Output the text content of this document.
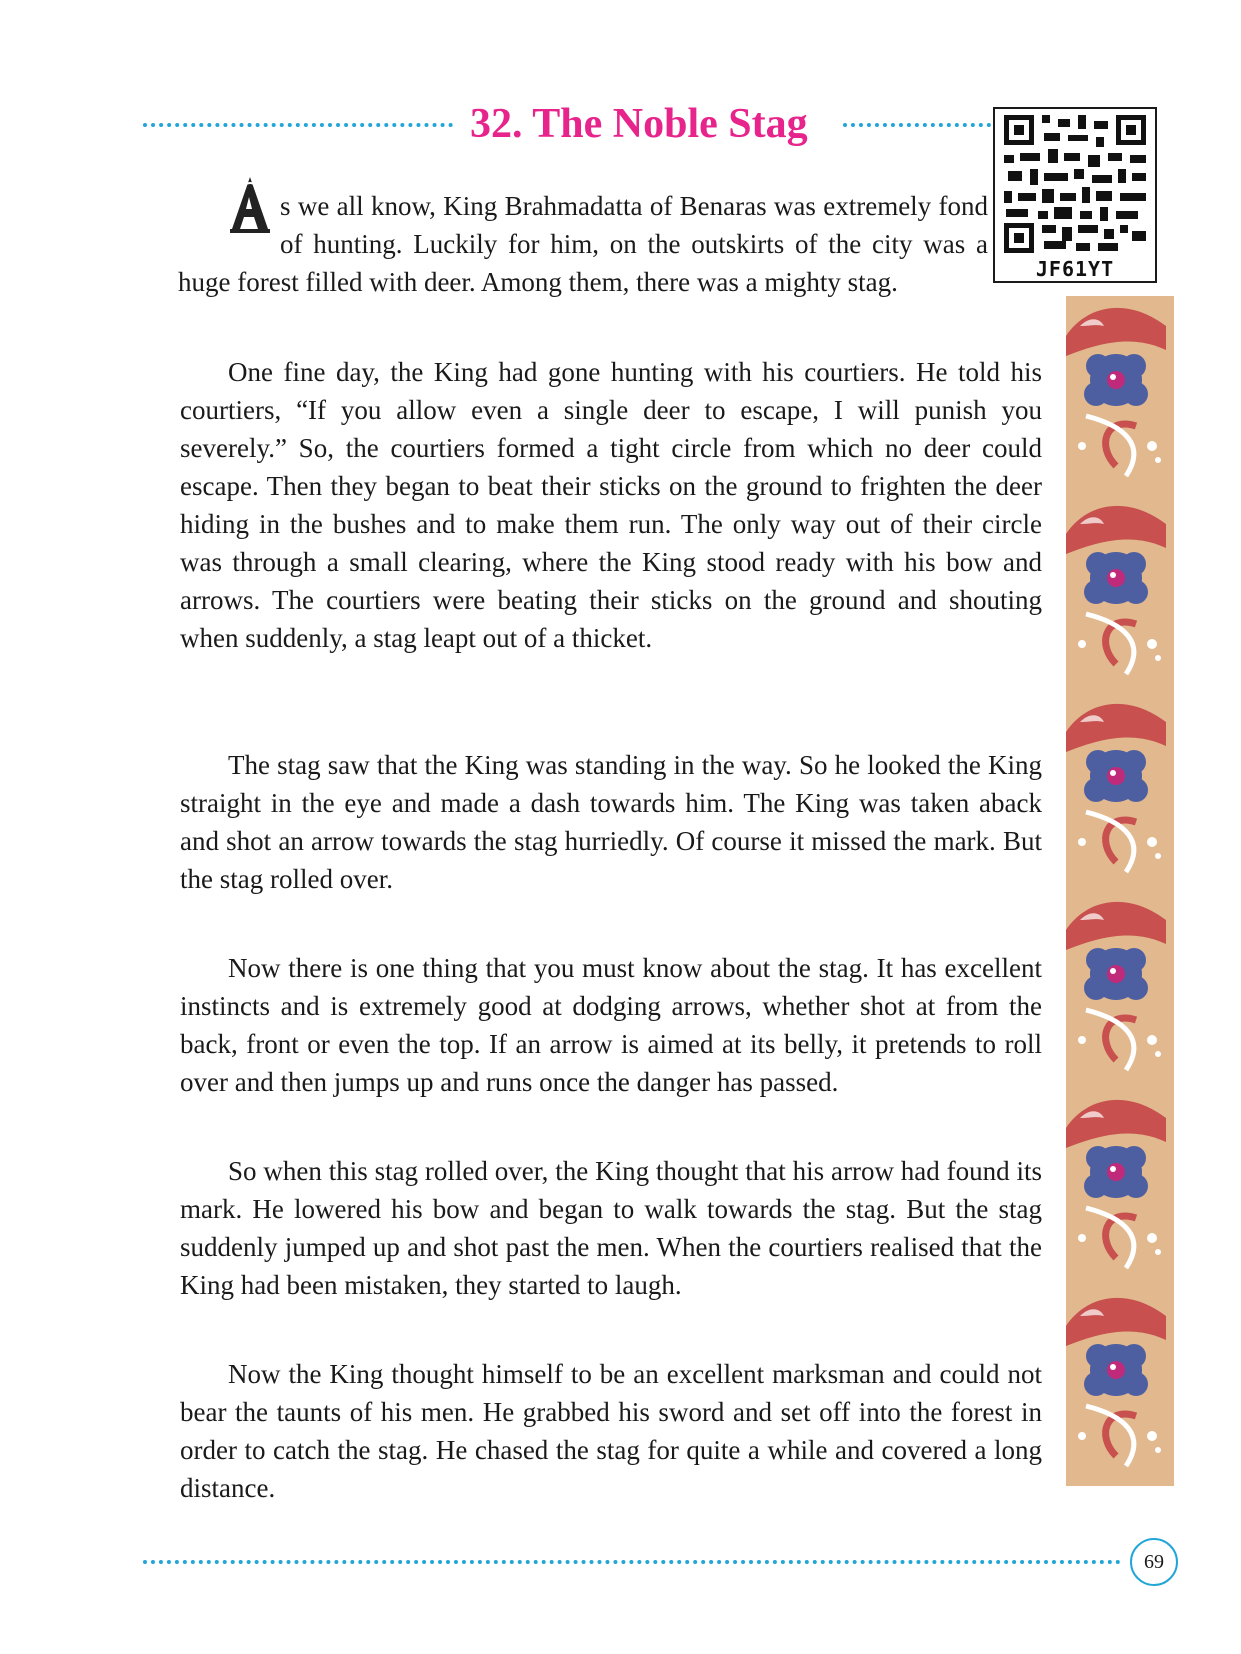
32. The Noble Stag
JF61YT

s we all know, King Brahmadatta of Benaras was extremely fond of hunting. Luckily for him, on the outskirts of the city was a huge forest filled with deer. Among them, there was a mighty stag.

One fine day, the King had gone hunting with his courtiers. He told his courtiers, “If you allow even a single deer to escape, I will punish you severely.” So, the courtiers formed a tight circle from which no deer could escape. Then they began to beat their sticks on the ground to frighten the deer hiding in the bushes and to make them run. The only way out of their circle was through a small clearing, where the King stood ready with his bow and arrows. The courtiers were beating their sticks on the ground and shouting when suddenly, a stag leapt out of a thicket.

The stag saw that the King was standing in the way. So he looked the King straight in the eye and made a dash towards him. The King was taken aback and shot an arrow towards the stag hurriedly. Of course it missed the mark. But the stag rolled over.

Now there is one thing that you must know about the stag. It has excellent instincts and is extremely good at dodging arrows, whether shot at from the back, front or even the top. If an arrow is aimed at its belly, it pretends to roll over and then jumps up and runs once the danger has passed.

So when this stag rolled over, the King thought that his arrow had found its mark. He lowered his bow and began to walk towards the stag. But the stag suddenly jumped up and shot past the men. When the courtiers realised that the King had been mistaken, they started to laugh.

Now the King thought himself to be an excellent marksman and could not bear the taunts of his men. He grabbed his sword and set off into the forest in order to catch the stag. He chased the stag for quite a while and covered a long distance.

69
